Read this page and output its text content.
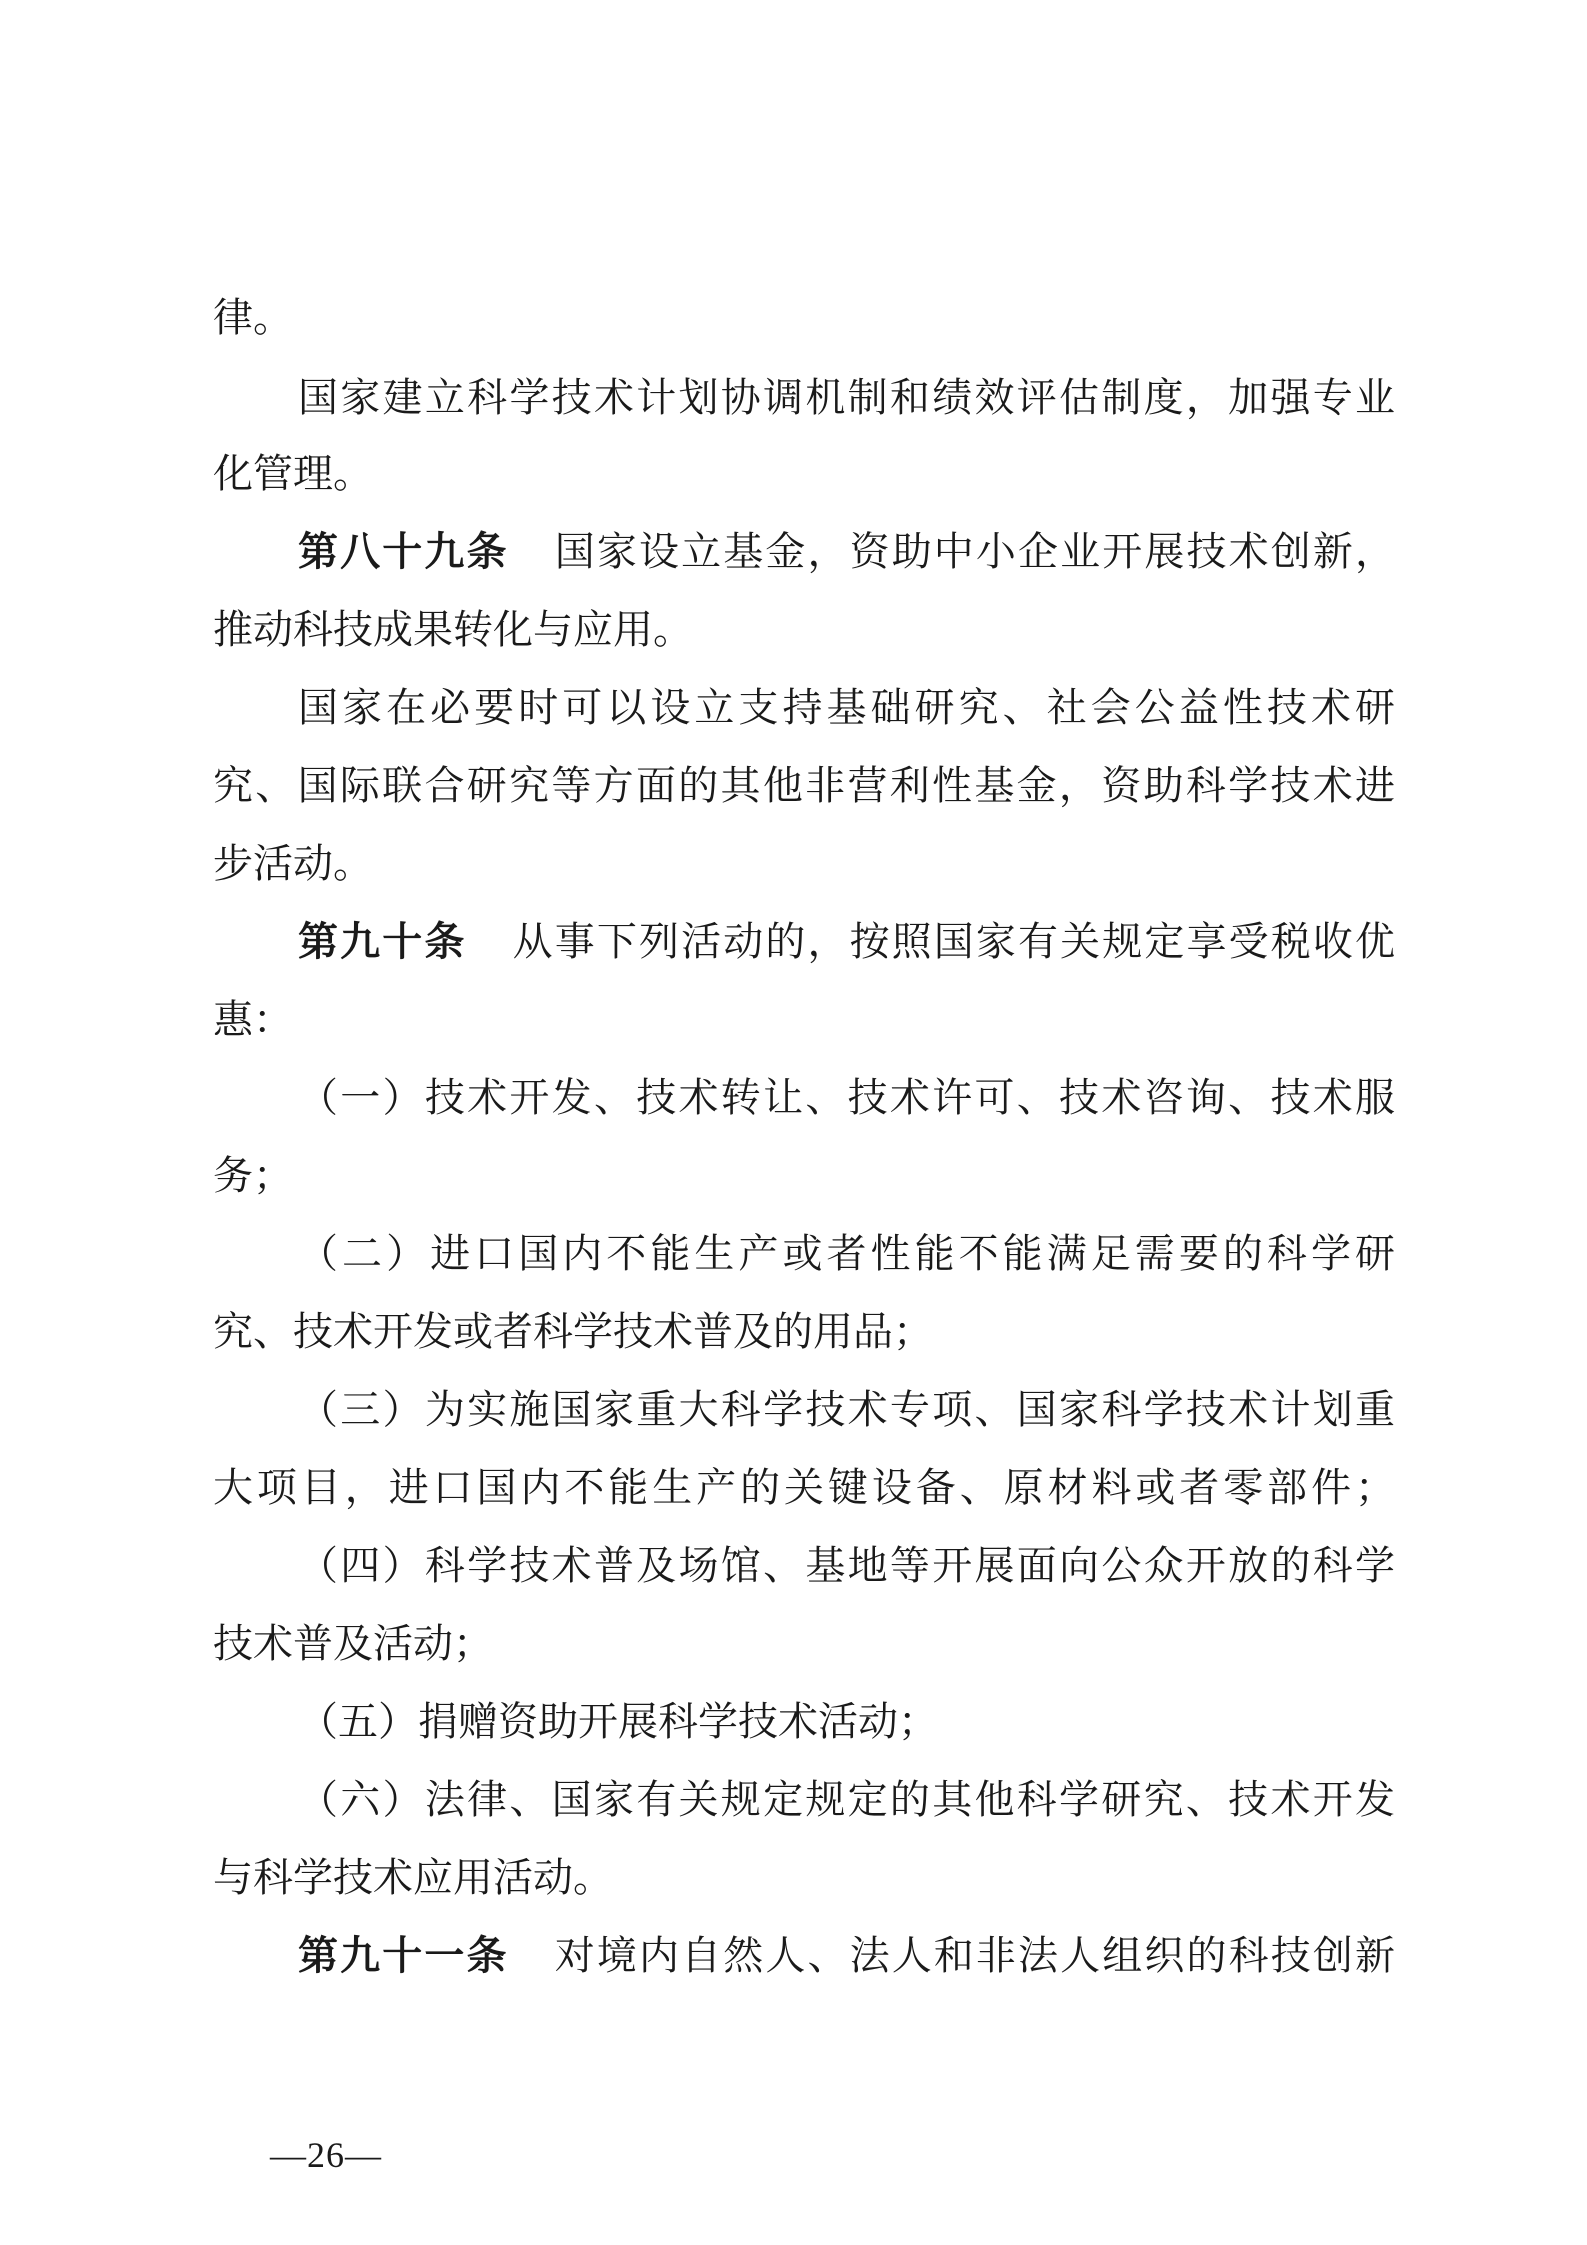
律。
国家建立科学技术计划协调机制和绩效评估制度，加强专业
化管理。
第八十九条 国家设立基金，资助中小企业开展技术创新，
推动科技成果转化与应用。
国家在必要时可以设立支持基础研究、社会公益性技术研
究、国际联合研究等方面的其他非营利性基金，资助科学技术进
步活动。
第九十条 从事下列活动的，按照国家有关规定享受税收优
惠：
（一）技术开发、技术转让、技术许可、技术咨询、技术服
务；
（二）进口国内不能生产或者性能不能满足需要的科学研
究、技术开发或者科学技术普及的用品；
（三）为实施国家重大科学技术专项、国家科学技术计划重
大项目，进口国内不能生产的关键设备、原材料或者零部件；
（四）科学技术普及场馆、基地等开展面向公众开放的科学
技术普及活动；
（五）捐赠资助开展科学技术活动；
（六）法律、国家有关规定规定的其他科学研究、技术开发
与科学技术应用活动。
第九十一条 对境内自然人、法人和非法人组织的科技创新
—26—
